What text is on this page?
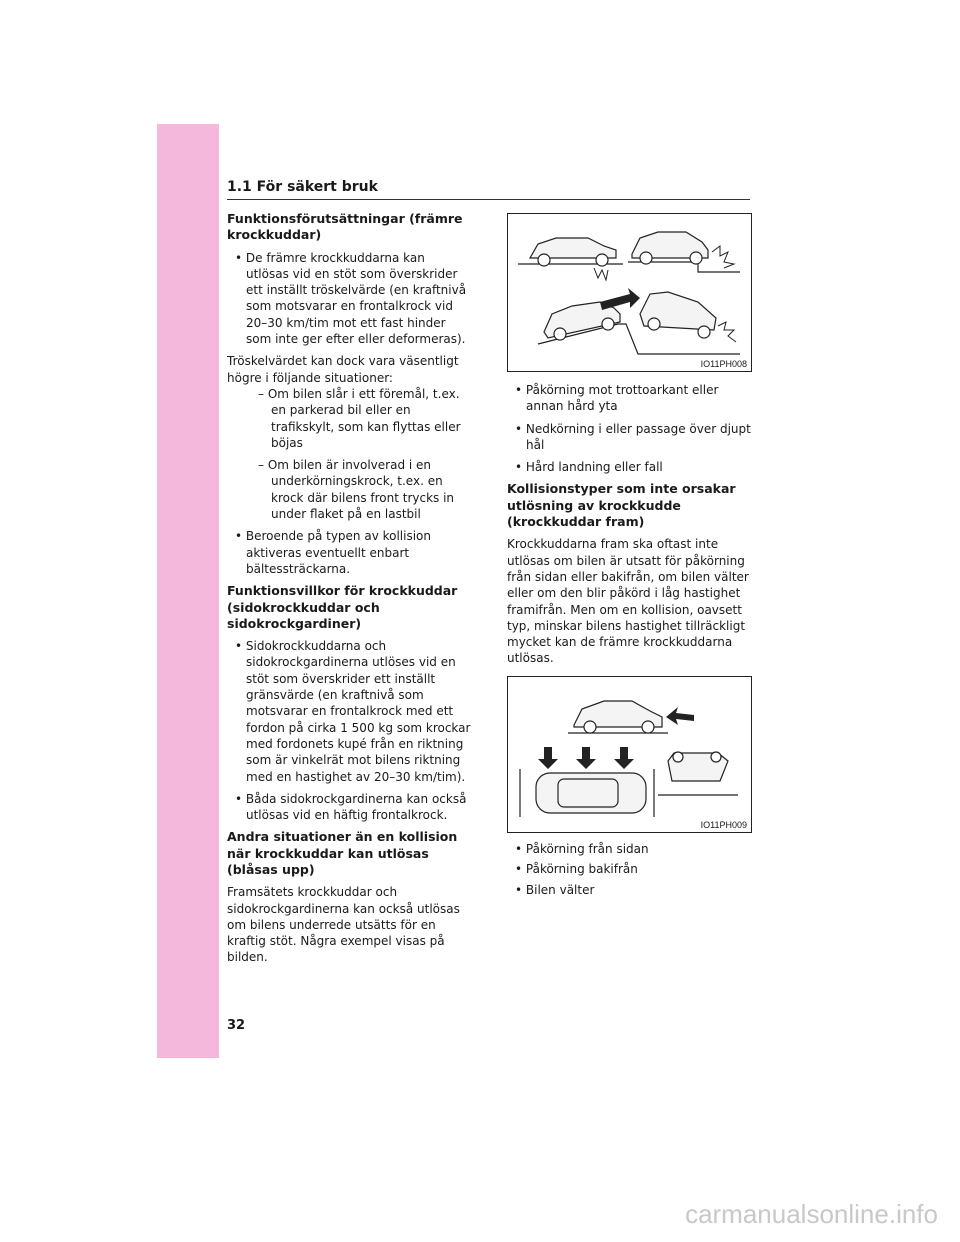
1.1 För säkert bruk
Funktionsförutsättningar (främre krockkuddar)

• De främre krockkuddarna kan utlösas vid en stöt som överskrider ett inställt tröskelvärde (en kraftnivå som motsvarar en frontalkrock vid 20–30 km/tim mot ett fast hinder som inte ger efter eller deformeras).

Tröskelvärdet kan dock vara väsentligt högre i följande situationer:

– Om bilen slår i ett föremål, t.ex. en parkerad bil eller en trafikskylt, som kan flyttas eller böjas

– Om bilen är involverad i en underkörningskrock, t.ex. en krock där bilens front trycks in under flaket på en lastbil

• Beroende på typen av kollision aktiveras eventuellt enbart bältessträckarna.

Funktionsvillkor för krockkuddar (sidokrockkuddar och sidokrockgardiner)

• Sidokrockkuddarna och sidokrockgardinerna utlöses vid en stöt som överskrider ett inställt gränsvärde (en kraftnivå som motsvarar en frontalkrock med ett fordon på cirka 1 500 kg som krockar med fordonets kupé från en riktning som är vinkelrät mot bilens riktning med en hastighet av 20–30 km/tim).

• Båda sidokrockgardinerna kan också utlösas vid en häftig frontalkrock.

Andra situationer än en kollision när krockkuddar kan utlösas (blåsas upp)

Framsätets krockkuddar och sidokrockgardinerna kan också utlösas om bilens underrede utsätts för en kraftig stöt. Några exempel visas på bilden.

IO11PH008

• Påkörning mot trottoarkant eller annan hård yta

• Nedkörning i eller passage över djupt hål

• Hård landning eller fall

Kollisionstyper som inte orsakar utlösning av krockkudde (krockkuddar fram)

Krockkuddarna fram ska oftast inte utlösas om bilen är utsatt för påkörning från sidan eller bakifrån, om bilen välter eller om den blir påkörd i låg hastighet framifrån. Men om en kollision, oavsett typ, minskar bilens hastighet tillräckligt mycket kan de främre krockkuddarna utlösas.

IO11PH009

• Påkörning från sidan

• Påkörning bakifrån

• Bilen välter

32
carmanualsonline.info
